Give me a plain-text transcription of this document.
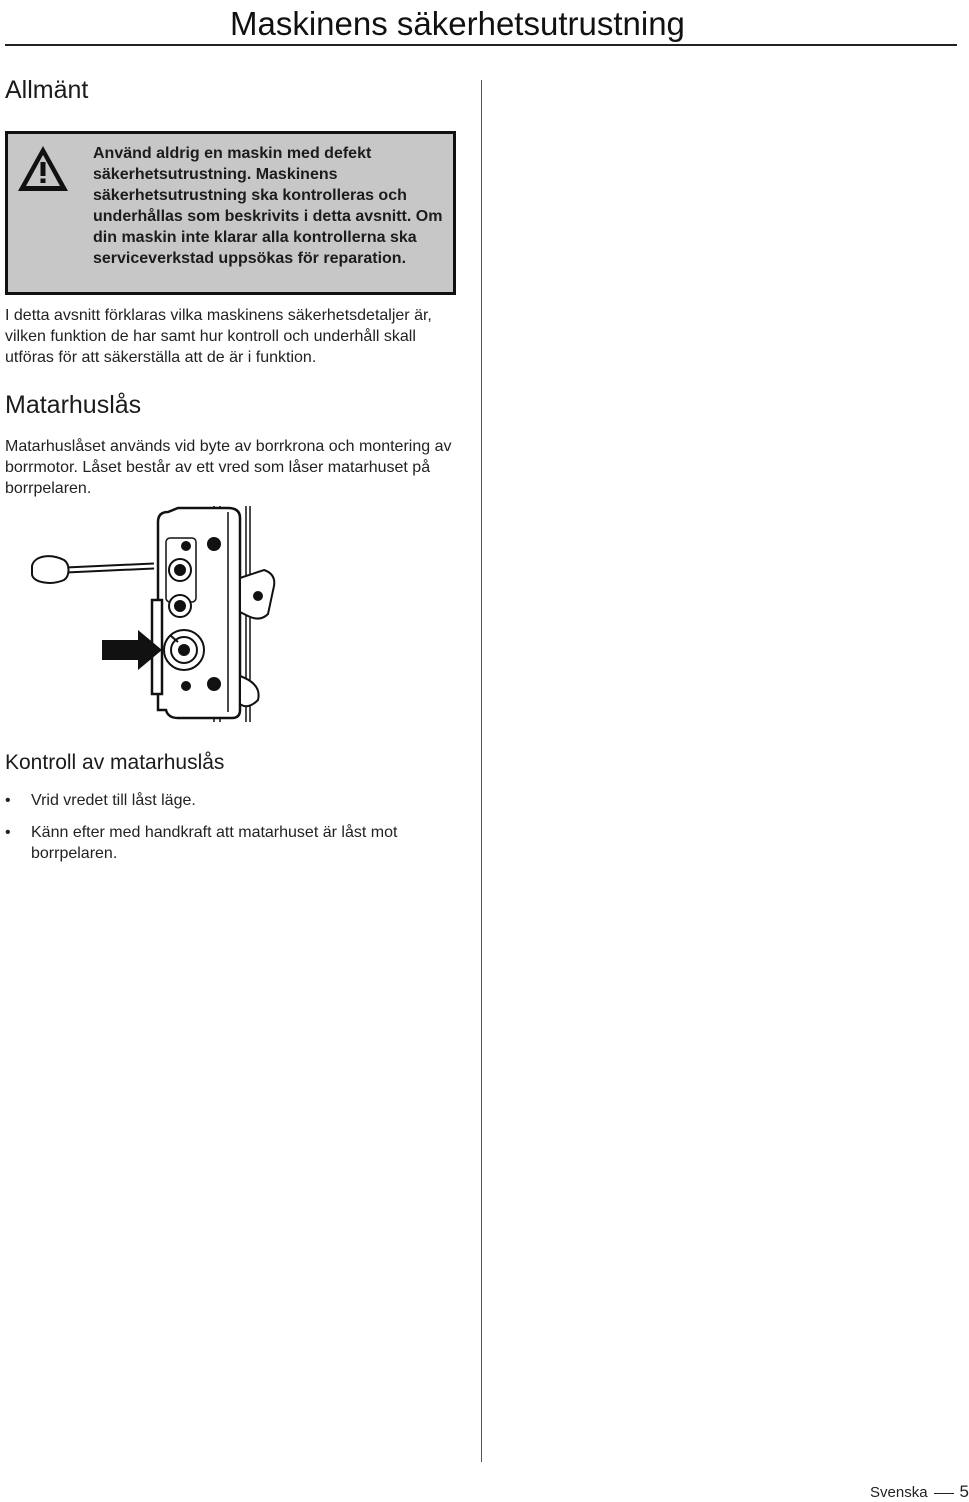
Maskinens säkerhetsutrustning
Allmänt

Använd aldrig en maskin med defekt säkerhetsutrustning. Maskinens säkerhetsutrustning ska kontrolleras och underhållas som beskrivits i detta avsnitt. Om din maskin inte klarar alla kontrollerna ska serviceverkstad uppsökas för reparation.

I detta avsnitt förklaras vilka maskinens säkerhetsdetaljer är, vilken funktion de har samt hur kontroll och underhåll skall utföras för att säkerställa att de är i funktion.

Matarhuslås

Matarhuslåset används vid byte av borrkrona och montering av borrmotor. Låset består av ett vred som låser matarhuset på borrpelaren.

Kontroll av matarhuslås
• Vrid vredet till låst läge.
• Känn efter med handkraft att matarhuset är låst mot borrpelaren.
Svenska 5
